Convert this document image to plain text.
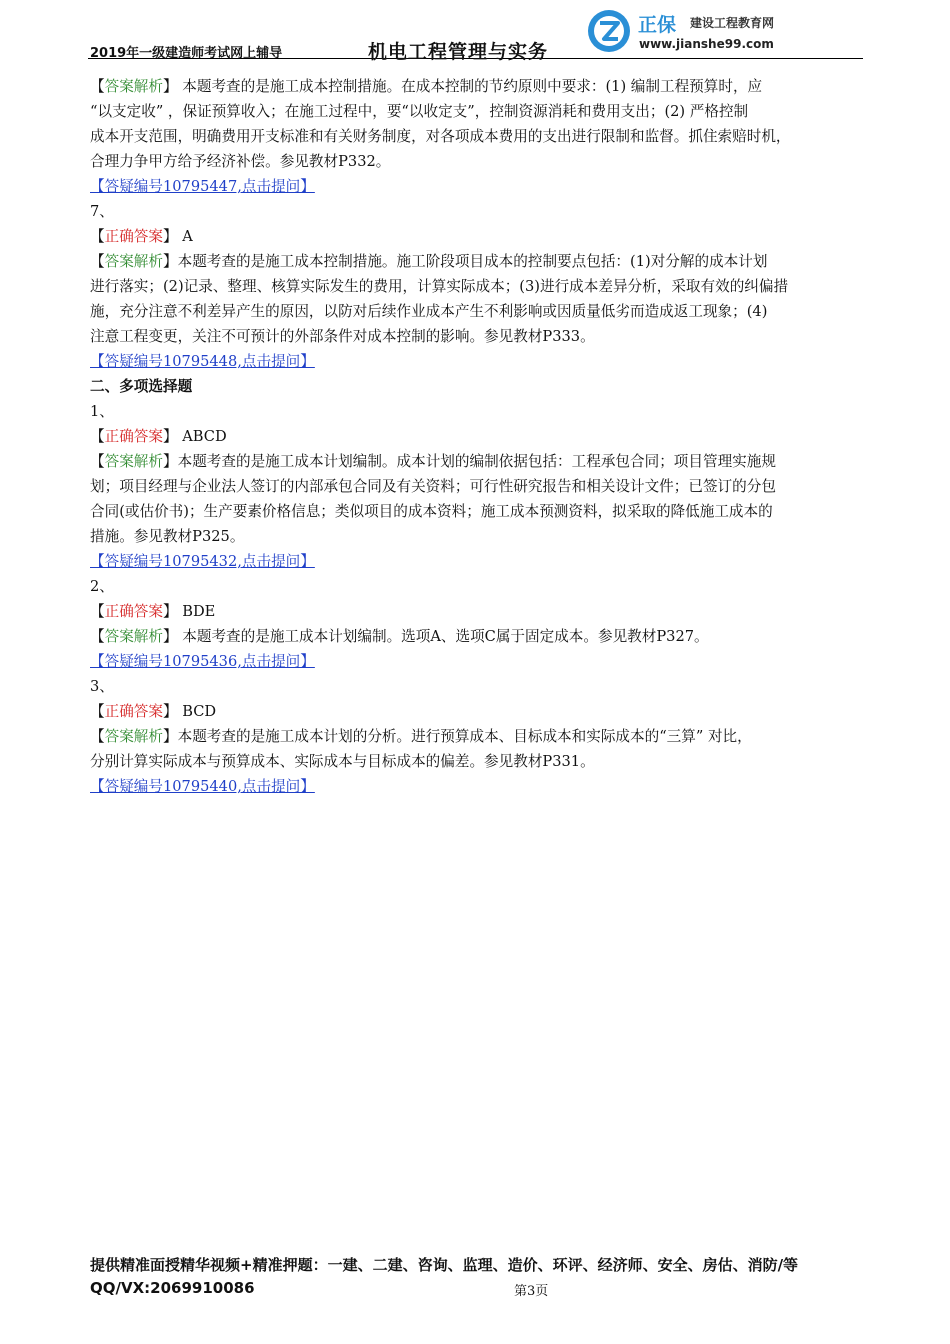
2019年一级建造师考试网上辅导	机电工程管理与实务
正保 建设工程教育网
www.jianshe99.com
【答案解析】 本题考查的是施工成本控制措施。在成本控制的节约原则中要求：(1) 编制工程预算时，应
“以支定收” ，保证预算收入；在施工过程中，要“以收定支”，控制资源消耗和费用支出；(2) 严格控制
成本开支范围，明确费用开支标准和有关财务制度，对各项成本费用的支出进行限制和监督。抓住索赔时机，
合理力争甲方给予经济补偿。参见教材P332。
【答疑编号10795447,点击提问】
7、
【正确答案】 A
【答案解析】本题考查的是施工成本控制措施。施工阶段项目成本的控制要点包括：(1)对分解的成本计划
进行落实；(2)记录、整理、核算实际发生的费用，计算实际成本；(3)进行成本差异分析，采取有效的纠偏措
施，充分注意不利差异产生的原因，以防对后续作业成本产生不利影响或因质量低劣而造成返工现象；(4)
注意工程变更，关注不可预计的外部条件对成本控制的影响。参见教材P333。
【答疑编号10795448,点击提问】
二、多项选择题
1、
【正确答案】 ABCD
【答案解析】本题考查的是施工成本计划编制。成本计划的编制依据包括：工程承包合同；项目管理实施规
划；项目经理与企业法人签订的内部承包合同及有关资料；可行性研究报告和相关设计文件；已签订的分包
合同(或估价书)；生产要素价格信息；类似项目的成本资料；施工成本预测资料，拟采取的降低施工成本的
措施。参见教材P325。
【答疑编号10795432,点击提问】
2、
【正确答案】 BDE
【答案解析】 本题考查的是施工成本计划编制。选项A、选项C属于固定成本。参见教材P327。
【答疑编号10795436,点击提问】
3、
【正确答案】 BCD
【答案解析】本题考查的是施工成本计划的分析。进行预算成本、目标成本和实际成本的“三算” 对比，
分别计算实际成本与预算成本、实际成本与目标成本的偏差。参见教材P331。
【答疑编号10795440,点击提问】
提供精准面授精华视频+精准押题：一建、二建、咨询、监理、造价、环评、经济师、安全、房估、消防/等
QQ/VX:2069910086	第3页
